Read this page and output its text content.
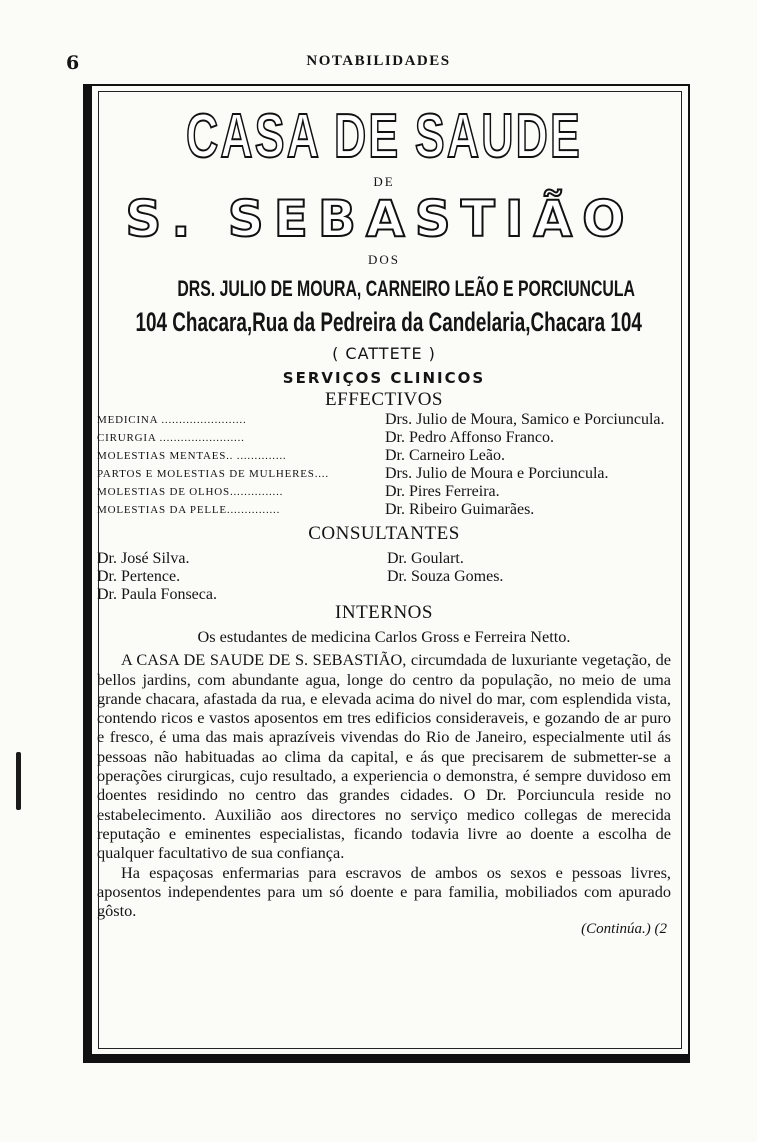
6	NOTABILIDADES
CASA DE SAUDE
DE
S. SEBASTIÃO
DOS
DRS. JULIO DE MOURA, CARNEIRO LEÃO E PORCIUNCULA
104 Chacara, Rua da Pedreira da Candelaria, Chacara 104
( CATTETE )
SERVIÇOS CLINICOS
EFFECTIVOS
MEDICINA ........................	Drs. Julio de Moura, Samico e Porciuncula.
CIRURGIA ........................	Dr. Pedro Affonso Franco.
MOLESTIAS MENTAES.. ..............	Dr. Carneiro Leão.
PARTOS E MOLESTIAS DE MULHERES....	Drs. Julio de Moura e Porciuncula.
MOLESTIAS DE OLHOS...............	Dr. Pires Ferreira.
MOLESTIAS DA PELLE...............	Dr. Ribeiro Guimarães.
CONSULTANTES
Dr. José Silva.	Dr. Goulart.
Dr. Pertence.	Dr. Souza Gomes.
Dr. Paula Fonseca.
INTERNOS
Os estudantes de medicina Carlos Gross e Ferreira Netto.

A CASA DE SAUDE DE S. SEBASTIÃO, circumdada de luxuriante vegetação, de bellos jardins, com abundante agua, longe do centro da população, no meio de uma grande chacara, afastada da rua, e elevada acima do nivel do mar, com esplendida vista, contendo ricos e vastos aposentos em tres edificios consideraveis, e gozando de ar puro e fresco, é uma das mais aprazíveis vivendas do Rio de Janeiro, especialmente util ás pessoas não habituadas ao clima da capital, e ás que precisarem de submetter-se a operações cirurgicas, cujo resultado, a experiencia o demonstra, é sempre duvidoso em doentes residindo no centro das grandes cidades. O Dr. Porciuncula reside no estabelecimento. Auxilião aos directores no serviço medico collegas de merecida reputação e eminentes especialistas, ficando todavia livre ao doente a escolha de qualquer facultativo de sua confiança.

Ha espaçosas enfermarias para escravos de ambos os sexos e pessoas livres, aposentos independentes para um só doente e para familia, mobiliados com apurado gôsto.

(Continúa.) (2
